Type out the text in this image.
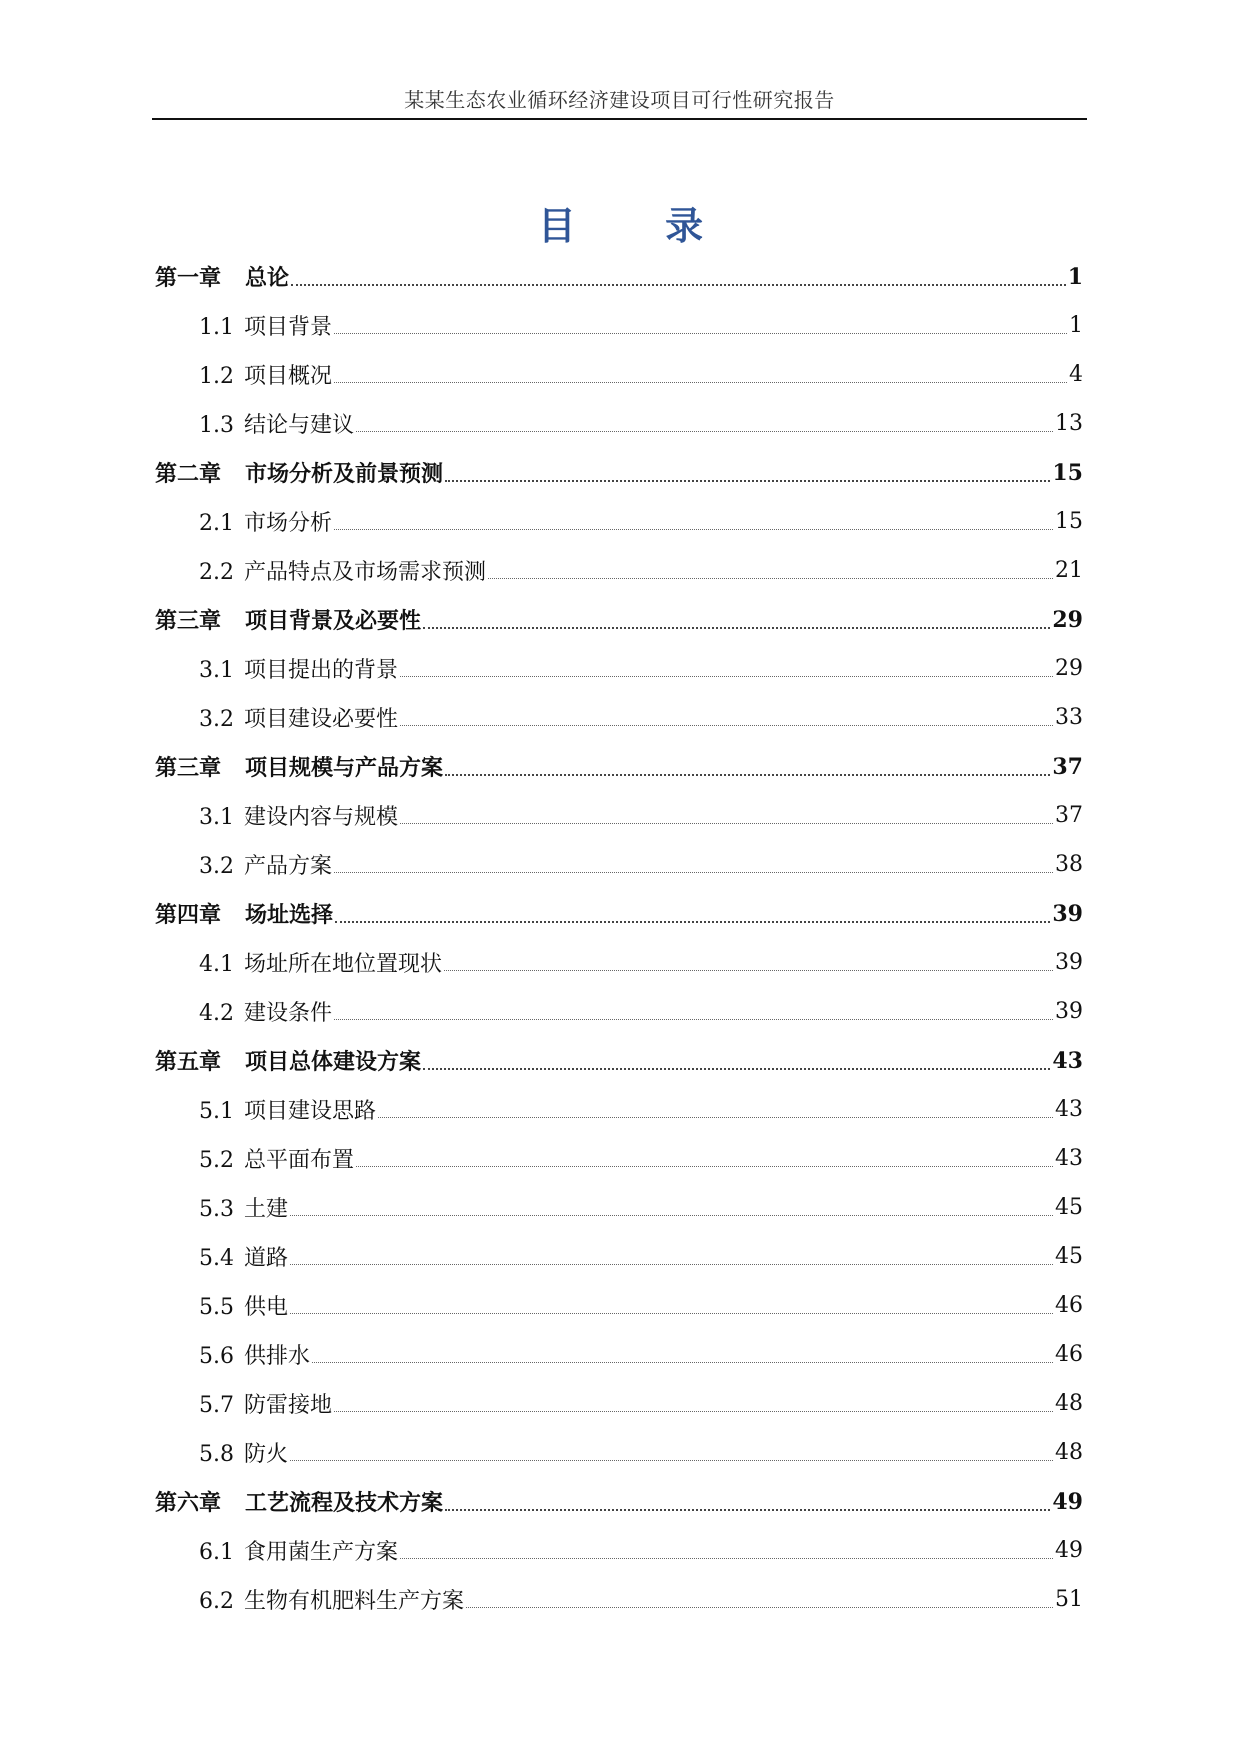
某某生态农业循环经济建设项目可行性研究报告
目 录
第一章 总论	1
1.1 项目背景	1
1.2 项目概况	4
1.3 结论与建议	13
第二章 市场分析及前景预测	15
2.1 市场分析	15
2.2 产品特点及市场需求预测	21
第三章 项目背景及必要性	29
3.1 项目提出的背景	29
3.2 项目建设必要性	33
第三章 项目规模与产品方案	37
3.1 建设内容与规模	37
3.2 产品方案	38
第四章 场址选择	39
4.1 场址所在地位置现状	39
4.2 建设条件	39
第五章 项目总体建设方案	43
5.1 项目建设思路	43
5.2 总平面布置	43
5.3 土建	45
5.4 道路	45
5.5 供电	46
5.6 供排水	46
5.7 防雷接地	48
5.8 防火	48
第六章 工艺流程及技术方案	49
6.1 食用菌生产方案	49
6.2 生物有机肥料生产方案	51
